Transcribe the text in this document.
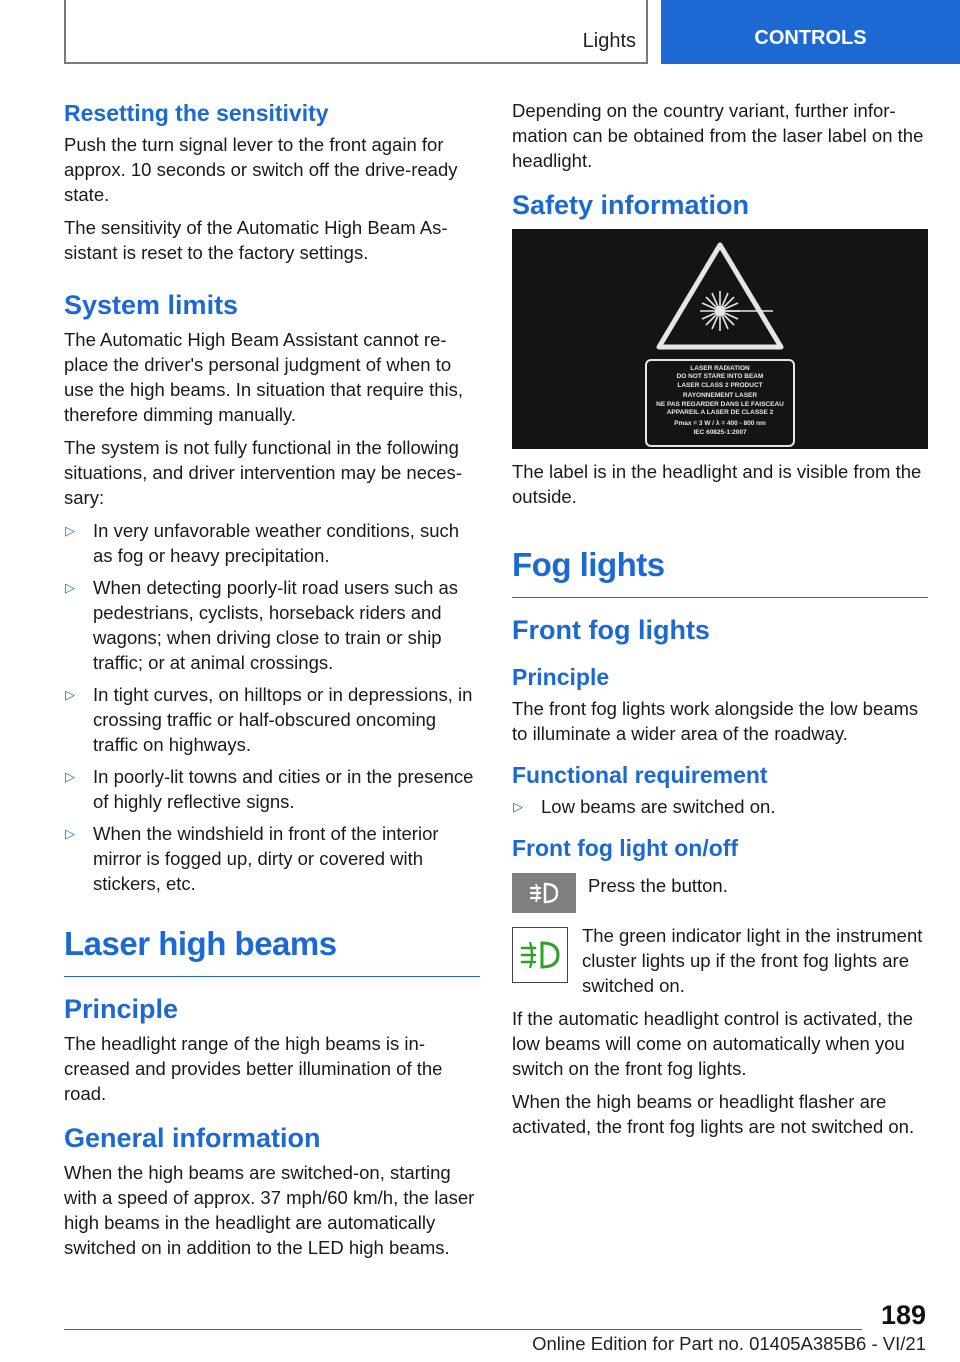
Lights	CONTROLS
Resetting the sensitivity

Push the turn signal lever to the front again for approx. 10 seconds or switch off the drive-ready state.

The sensitivity of the Automatic High Beam Assistant is reset to the factory settings.

System limits

The Automatic High Beam Assistant cannot replace the driver's personal judgment of when to use the high beams. In situation that require this, therefore dimming manually.

The system is not fully functional in the following situations, and driver intervention may be necessary:

▷ In very unfavorable weather conditions, such as fog or heavy precipitation.
▷ When detecting poorly-lit road users such as pedestrians, cyclists, horseback riders and wagons; when driving close to train or ship traffic; or at animal crossings.
▷ In tight curves, on hilltops or in depressions, in crossing traffic or half-obscured oncoming traffic on highways.
▷ In poorly-lit towns and cities or in the presence of highly reflective signs.
▷ When the windshield in front of the interior mirror is fogged up, dirty or covered with stickers, etc.
Laser high beams
Principle

The headlight range of the high beams is increased and provides better illumination of the road.

General information

When the high beams are switched-on, starting with a speed of approx. 37 mph/60 km/h, the laser high beams in the headlight are automatically switched on in addition to the LED high beams.

Depending on the country variant, further information can be obtained from the laser label on the headlight.

Safety information
LASER RADIATION
DO NOT STARE INTO BEAM
LASER CLASS 2 PRODUCT
RAYONNEMENT LASER
NE PAS REGARDER DANS LE FAISCEAU
APPAREIL A LASER DE CLASSE 2
Pmax = 3 W / λ = 400 - 800 nm
IEC 60825-1:2007

The label is in the headlight and is visible from the outside.

Fog lights
Front fog lights
Principle

The front fog lights work alongside the low beams to illuminate a wider area of the roadway.

Functional requirement
▷ Low beams are switched on.
Front fog light on/off

Press the button.

The green indicator light in the instrument cluster lights up if the front fog lights are switched on.

If the automatic headlight control is activated, the low beams will come on automatically when you switch on the front fog lights.

When the high beams or headlight flasher are activated, the front fog lights are not switched on.

189
Online Edition for Part no. 01405A385B6 - VI/21
